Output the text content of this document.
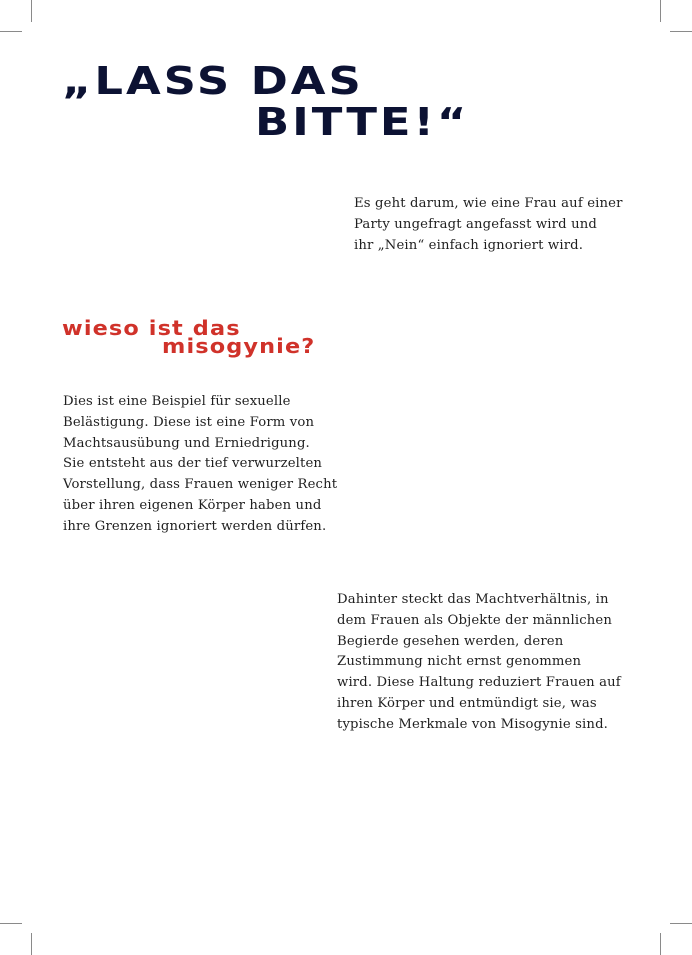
„LASS DAS
BITTE!“
Es geht darum, wie eine Frau auf einer
Party ungefragt angefasst wird und
ihr „Nein“ einfach ignoriert wird.
wieso ist das
misogynie?
Dies ist eine Beispiel für sexuelle
Belästigung. Diese ist eine Form von
Machtsausübung und Erniedrigung.
Sie entsteht aus der tief verwurzelten
Vorstellung, dass Frauen weniger Recht
über ihren eigenen Körper haben und
ihre Grenzen ignoriert werden dürfen.
Dahinter steckt das Machtverhältnis, in
dem Frauen als Objekte der männlichen
Begierde gesehen werden, deren
Zustimmung nicht ernst genommen
wird. Diese Haltung reduziert Frauen auf
ihren Körper und entmündigt sie, was
typische Merkmale von Misogynie sind.
